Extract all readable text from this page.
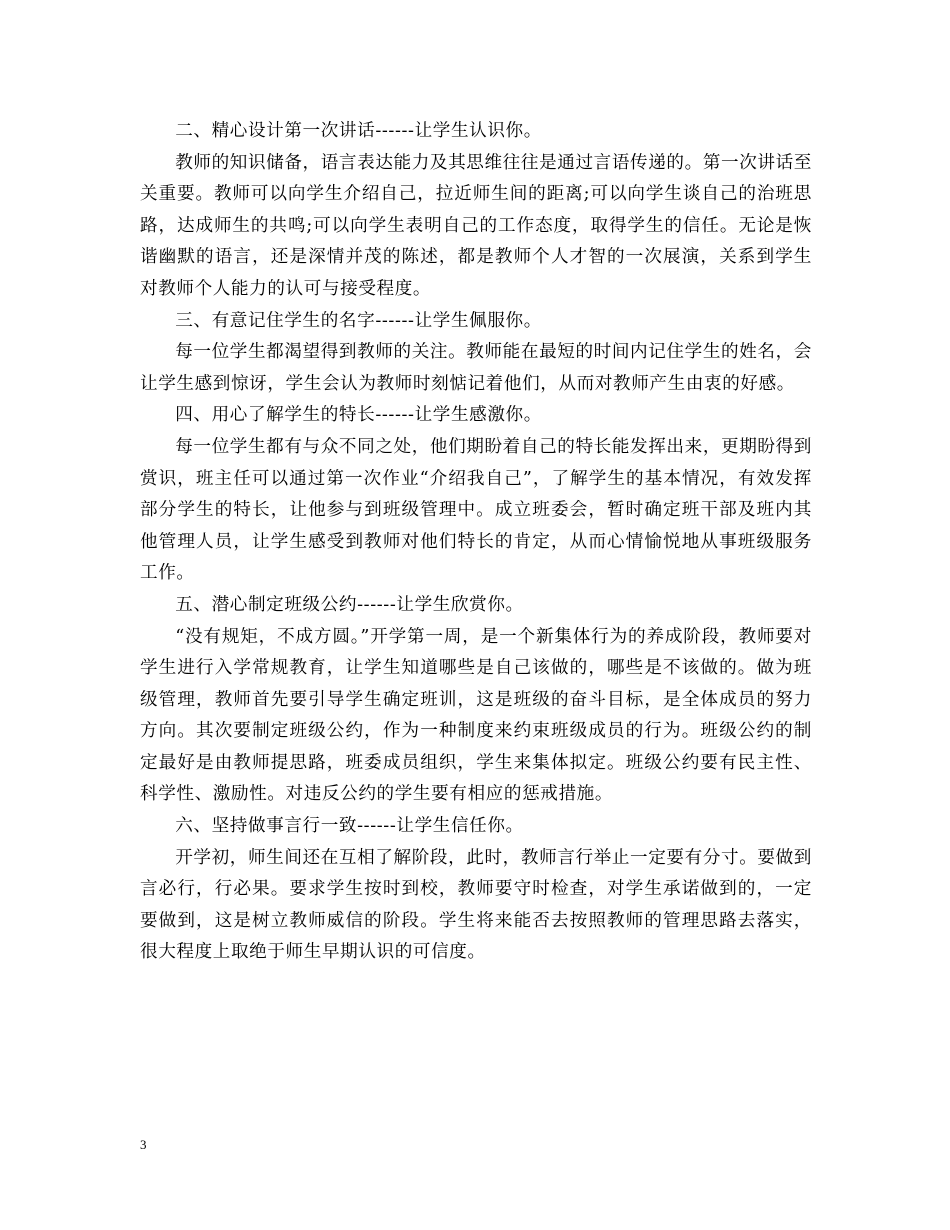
二、精心设计第一次讲话------让学生认识你。

教师的知识储备，语言表达能力及其思维往往是通过言语传递的。第一次讲话至关重要。教师可以向学生介绍自己，拉近师生间的距离;可以向学生谈自己的治班思路，达成师生的共鸣;可以向学生表明自己的工作态度，取得学生的信任。无论是恢谐幽默的语言，还是深情并茂的陈述，都是教师个人才智的一次展演，关系到学生对教师个人能力的认可与接受程度。

三、有意记住学生的名字------让学生佩服你。

每一位学生都渴望得到教师的关注。教师能在最短的时间内记住学生的姓名，会让学生感到惊讶，学生会认为教师时刻惦记着他们，从而对教师产生由衷的好感。

四、用心了解学生的特长------让学生感激你。

每一位学生都有与众不同之处，他们期盼着自己的特长能发挥出来，更期盼得到赏识，班主任可以通过第一次作业“介绍我自己”，了解学生的基本情况，有效发挥部分学生的特长，让他参与到班级管理中。成立班委会，暂时确定班干部及班内其他管理人员，让学生感受到教师对他们特长的肯定，从而心情愉悦地从事班级服务工作。

五、潜心制定班级公约------让学生欣赏你。

“没有规矩，不成方圆。”开学第一周，是一个新集体行为的养成阶段，教师要对学生进行入学常规教育，让学生知道哪些是自己该做的，哪些是不该做的。做为班级管理，教师首先要引导学生确定班训，这是班级的奋斗目标，是全体成员的努力方向。其次要制定班级公约，作为一种制度来约束班级成员的行为。班级公约的制定最好是由教师提思路，班委成员组织，学生来集体拟定。班级公约要有民主性、科学性、激励性。对违反公约的学生要有相应的惩戒措施。

六、坚持做事言行一致------让学生信任你。

开学初，师生间还在互相了解阶段，此时，教师言行举止一定要有分寸。要做到言必行，行必果。要求学生按时到校，教师要守时检查，对学生承诺做到的，一定要做到，这是树立教师威信的阶段。学生将来能否去按照教师的管理思路去落实，很大程度上取绝于师生早期认识的可信度。

3
